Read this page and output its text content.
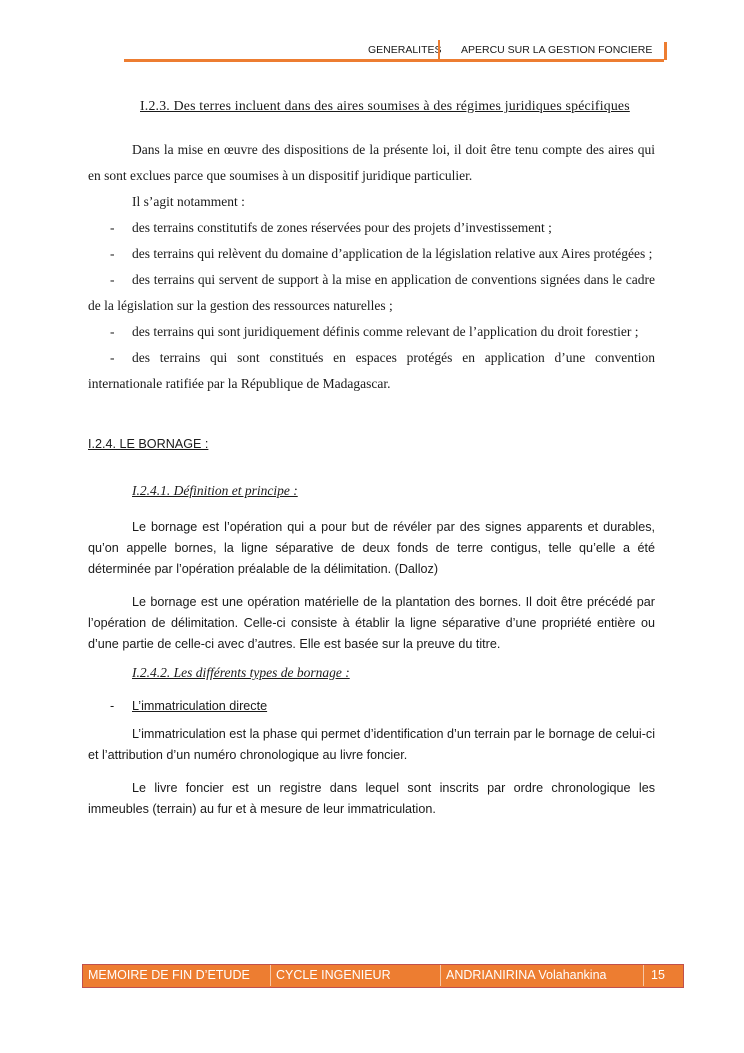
GENERALITES APERCU SUR LA GESTION FONCIERE

I.2.3. Des terres incluent dans des aires soumises à des régimes juridiques spécifiques

Dans la mise en œuvre des dispositions de la présente loi, il doit être tenu compte des aires qui en sont exclues parce que soumises à un dispositif juridique particulier.

Il s’agit notamment :

- des terrains constitutifs de zones réservées pour des projets d’investissement ;

- des terrains qui relèvent du domaine d’application de la législation relative aux Aires protégées ;

- des terrains qui servent de support à la mise en application de conventions signées dans le cadre de la législation sur la gestion des ressources naturelles ;

- des terrains qui sont juridiquement définis comme relevant de l’application du droit forestier ;

- des terrains qui sont constitués en espaces protégés en application d’une convention internationale ratifiée par la République de Madagascar.

I.2.4. LE BORNAGE :

I.2.4.1. Définition et principe :

Le bornage est l’opération qui a pour but de révéler par des signes apparents et durables, qu’on appelle bornes, la ligne séparative de deux fonds de terre contigus, telle qu’elle a été déterminée par l’opération préalable de la délimitation. (Dalloz)

Le bornage est une opération matérielle de la plantation des bornes. Il doit être précédé par l’opération de délimitation. Celle-ci consiste à établir la ligne séparative d’une propriété entière ou d’une partie de celle-ci avec d’autres. Elle est basée sur la preuve du titre.

I.2.4.2. Les différents types de bornage :

- L’immatriculation directe

L’immatriculation est la phase qui permet d’identification d’un terrain par le bornage de celui-ci et l’attribution d’un numéro chronologique au livre foncier.

Le livre foncier est un registre dans lequel sont inscrits par ordre chronologique les immeubles (terrain) au fur et à mesure de leur immatriculation.

MEMOIRE DE FIN D’ETUDE	CYCLE INGENIEUR	ANDRIANIRINA Volahankina	15
